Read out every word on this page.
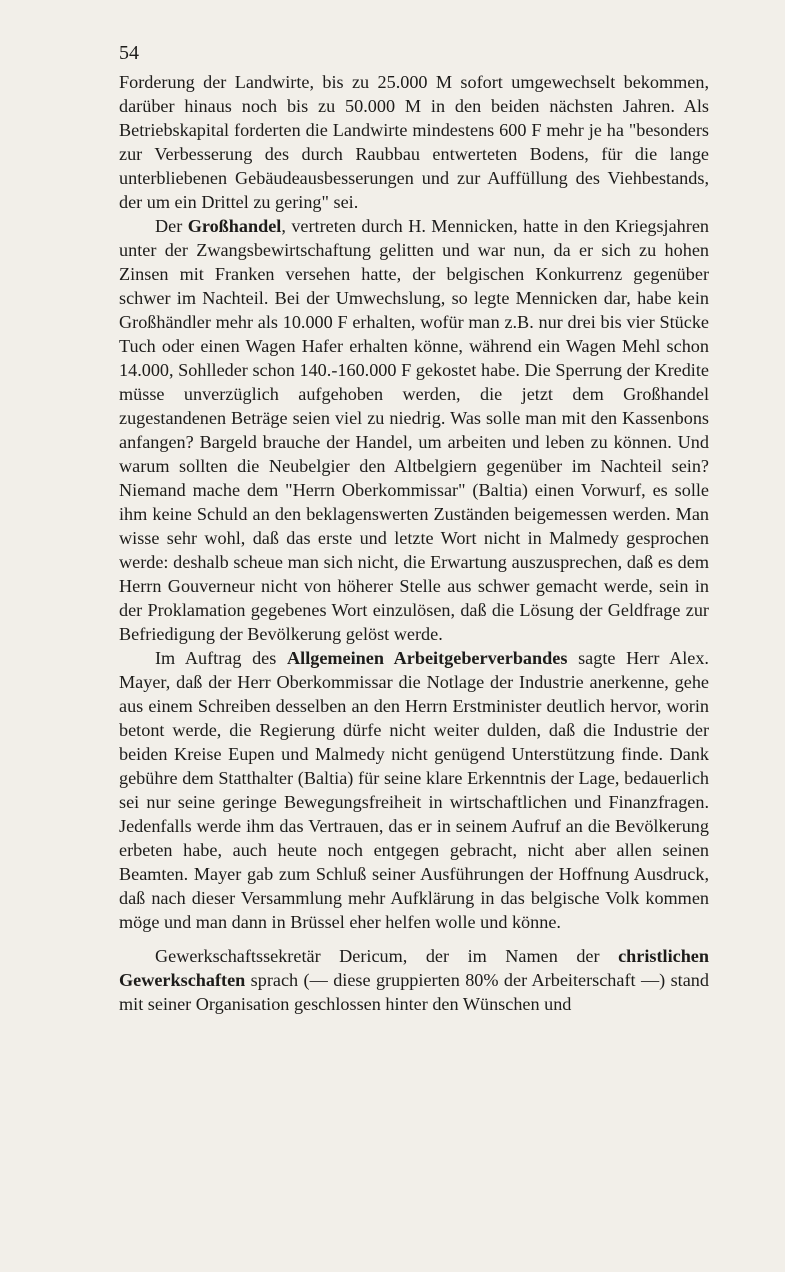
54

Forderung der Landwirte, bis zu 25.000 M sofort umgewechselt bekommen, darüber hinaus noch bis zu 50.000 M in den beiden nächsten Jahren. Als Betriebskapital forderten die Landwirte mindestens 600 F mehr je ha "besonders zur Verbesserung des durch Raubbau entwerteten Bodens, für die lange unterbliebenen Gebäudeausbesserungen und zur Auffüllung des Viehbestands, der um ein Drittel zu gering" sei.

Der Großhandel, vertreten durch H. Mennicken, hatte in den Kriegsjahren unter der Zwangsbewirtschaftung gelitten und war nun, da er sich zu hohen Zinsen mit Franken versehen hatte, der belgischen Konkurrenz gegenüber schwer im Nachteil. Bei der Umwechslung, so legte Mennicken dar, habe kein Großhändler mehr als 10.000 F erhalten, wofür man z.B. nur drei bis vier Stücke Tuch oder einen Wagen Hafer erhalten könne, während ein Wagen Mehl schon 14.000, Sohlleder schon 140.-160.000 F gekostet habe. Die Sperrung der Kredite müsse unverzüglich aufgehoben werden, die jetzt dem Großhandel zugestandenen Beträge seien viel zu niedrig. Was solle man mit den Kassenbons anfangen? Bargeld brauche der Handel, um arbeiten und leben zu können. Und warum sollten die Neubelgier den Altbelgiern gegenüber im Nachteil sein? Niemand mache dem "Herrn Oberkommissar" (Baltia) einen Vorwurf, es solle ihm keine Schuld an den beklagenswerten Zuständen beigemessen werden. Man wisse sehr wohl, daß das erste und letzte Wort nicht in Malmedy gesprochen werde: deshalb scheue man sich nicht, die Erwartung auszusprechen, daß es dem Herrn Gouverneur nicht von höherer Stelle aus schwer gemacht werde, sein in der Proklamation gegebenes Wort einzulösen, daß die Lösung der Geldfrage zur Befriedigung der Bevölkerung gelöst werde.

Im Auftrag des Allgemeinen Arbeitgeberverbandes sagte Herr Alex. Mayer, daß der Herr Oberkommissar die Notlage der Industrie anerkenne, gehe aus einem Schreiben desselben an den Herrn Erstminister deutlich hervor, worin betont werde, die Regierung dürfe nicht weiter dulden, daß die Industrie der beiden Kreise Eupen und Malmedy nicht genügend Unterstützung finde. Dank gebühre dem Statthalter (Baltia) für seine klare Erkenntnis der Lage, bedauerlich sei nur seine geringe Bewegungsfreiheit in wirtschaftlichen und Finanzfragen. Jedenfalls werde ihm das Vertrauen, das er in seinem Aufruf an die Bevölkerung erbeten habe, auch heute noch entgegen gebracht, nicht aber allen seinen Beamten. Mayer gab zum Schluß seiner Ausführungen der Hoffnung Ausdruck, daß nach dieser Versammlung mehr Aufklärung in das belgische Volk kommen möge und man dann in Brüssel eher helfen wolle und könne.

Gewerkschaftssekretär Dericum, der im Namen der christlichen Gewerkschaften sprach (— diese gruppierten 80% der Arbeiterschaft —) stand mit seiner Organisation geschlossen hinter den Wünschen und
